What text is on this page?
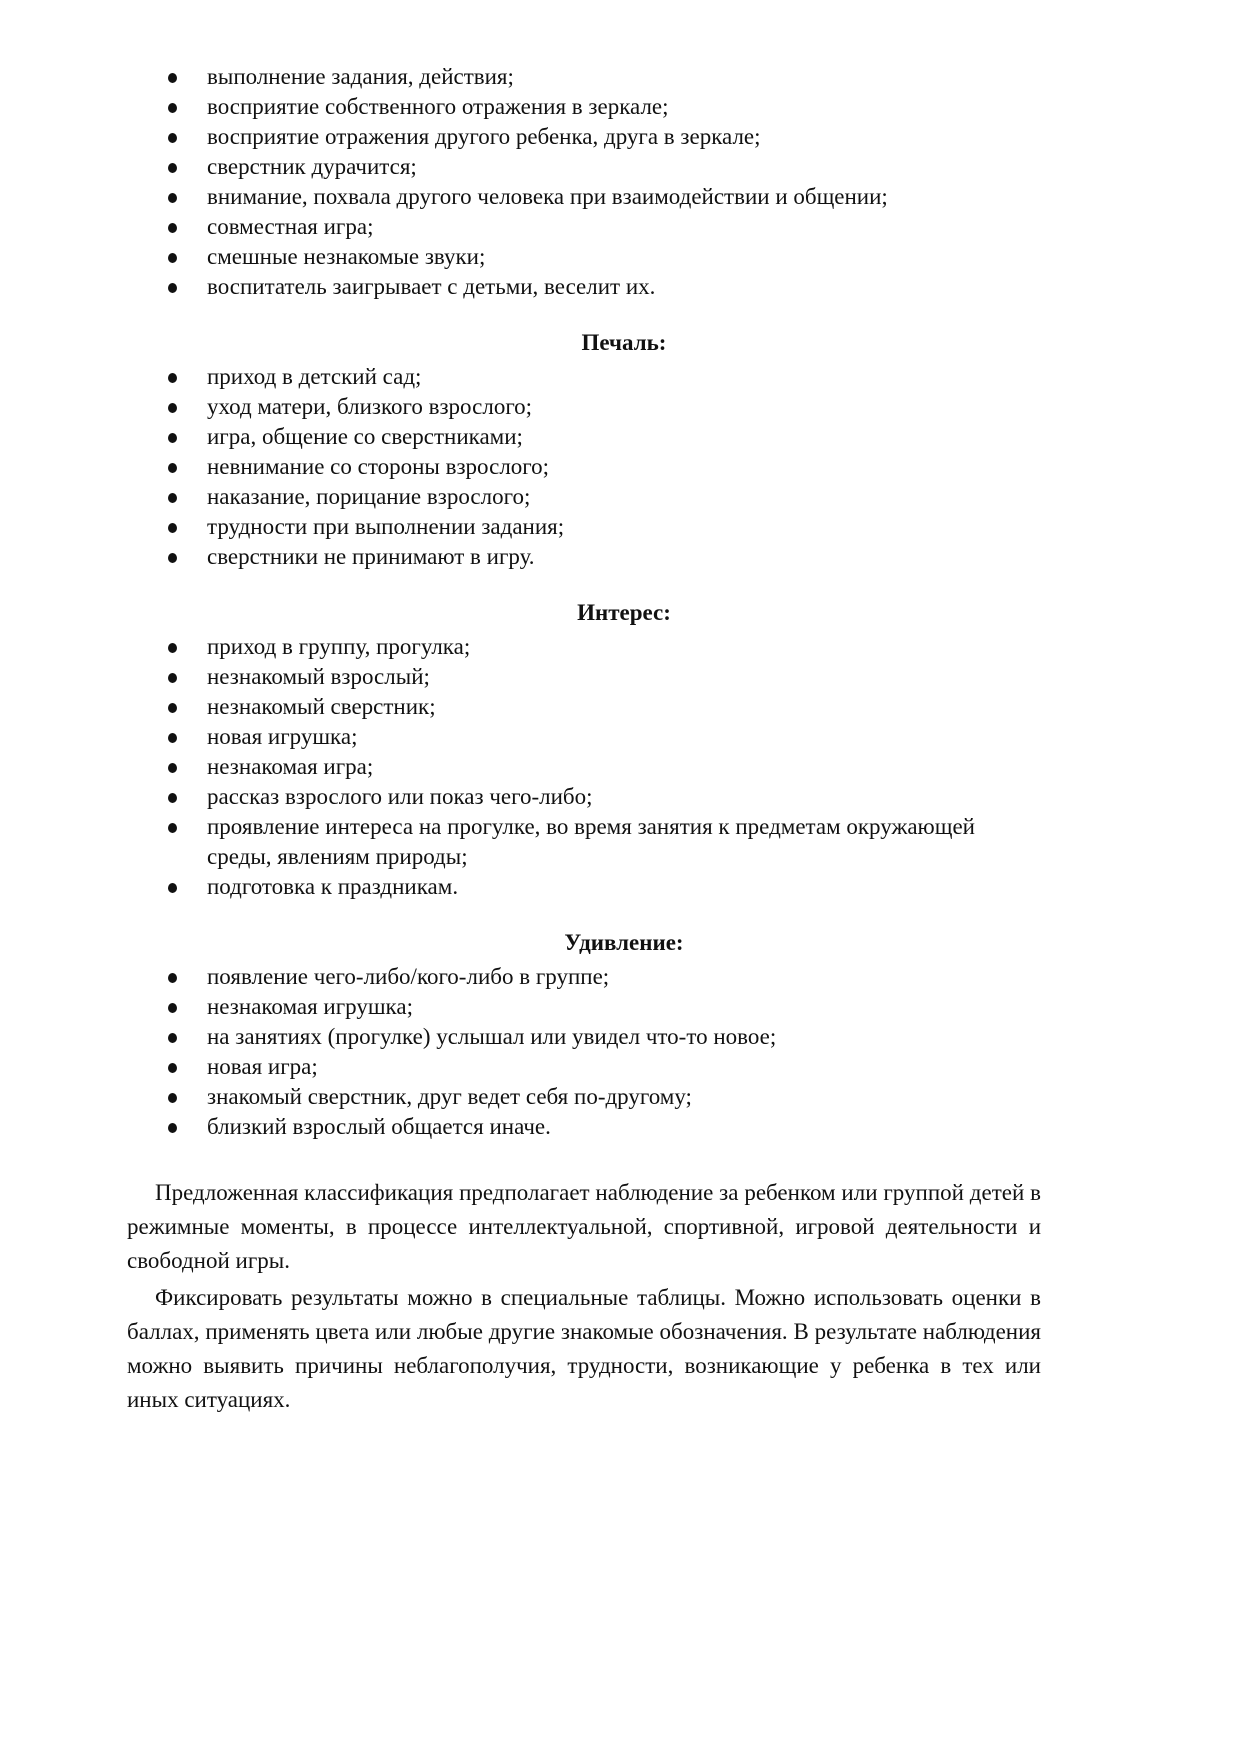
выполнение задания, действия;
восприятие собственного отражения в зеркале;
восприятие отражения другого ребенка, друга в зеркале;
сверстник дурачится;
внимание, похвала другого человека при взаимодействии и общении;
совместная игра;
смешные незнакомые звуки;
воспитатель заигрывает с детьми, веселит их.
Печаль:
приход в детский сад;
уход матери, близкого взрослого;
игра, общение со сверстниками;
невнимание со стороны взрослого;
наказание, порицание взрослого;
трудности при выполнении задания;
сверстники не принимают в игру.
Интерес:
приход в группу, прогулка;
незнакомый взрослый;
незнакомый сверстник;
новая игрушка;
незнакомая игра;
рассказ взрослого или показ чего-либо;
проявление интереса на прогулке, во время занятия к предметам окружающей среды, явлениям природы;
подготовка к праздникам.
Удивление:
появление чего-либо/кого-либо в группе;
незнакомая игрушка;
на занятиях (прогулке) услышал или увидел что-то новое;
новая игра;
знакомый сверстник, друг ведет себя по-другому;
близкий взрослый общается иначе.

Предложенная классификация предполагает наблюдение за ребенком или группой детей в режимные моменты, в процессе интеллектуальной, спортивной, игровой деятельности и свободной игры.

Фиксировать результаты можно в специальные таблицы. Можно использовать оценки в баллах, применять цвета или любые другие знакомые обозначения. В результате наблюдения можно выявить причины неблагополучия, трудности, возникающие у ребенка в тех или иных ситуациях.
